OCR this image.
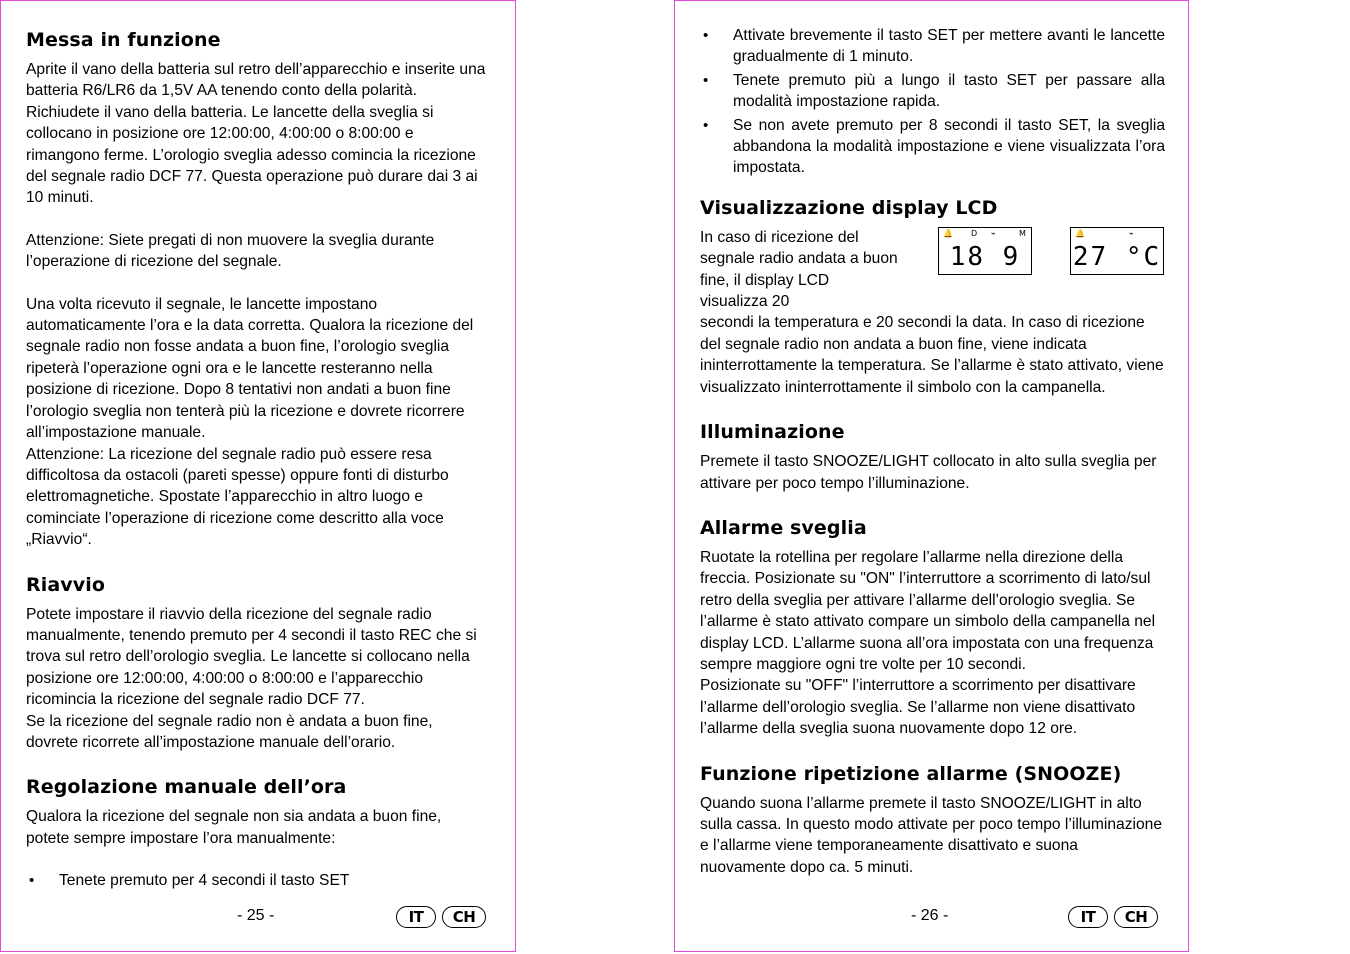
Messa in funzione

Aprite il vano della batteria sul retro dell’apparecchio e inserite una batteria R6/LR6 da 1,5V AA tenendo conto della polarità. Richiudete il vano della batteria. Le lancette della sveglia si collocano in posizione ore 12:00:00, 4:00:00 o 8:00:00 e rimangono ferme. L’orologio sveglia adesso comincia la ricezione del segnale radio DCF 77. Questa operazione può durare dai 3 ai 10 minuti.

Attenzione: Siete pregati di non muovere la sveglia durante l’operazione di ricezione del segnale.

Una volta ricevuto il segnale, le lancette impostano automaticamente l’ora e la data corretta. Qualora la ricezione del segnale radio non fosse andata a buon fine, l’orologio sveglia ripeterà l’operazione ogni ora e le lancette resteranno nella posizione di ricezione. Dopo 8 tentativi non andati a buon fine l’orologio sveglia non tenterà più la ricezione e dovrete ricorrere all’impostazione manuale.

Attenzione: La ricezione del segnale radio può essere resa difficoltosa da ostacoli (pareti spesse) oppure fonti di disturbo elettromagnetiche. Spostate l’apparecchio in altro luogo e cominciate l’operazione di ricezione come descritto alla voce „Riavvio“.

Riavvio

Potete impostare il riavvio della ricezione del segnale radio manualmente, tenendo premuto per 4 secondi il tasto REC che si trova sul retro dell’orologio sveglia. Le lancette si collocano nella posizione ore 12:00:00, 4:00:00 o 8:00:00 e l’apparecchio ricomincia la ricezione del segnale radio DCF 77.

Se la ricezione del segnale radio non è andata a buon fine, dovrete ricorrete all’impostazione manuale dell’orario.

Regolazione manuale dell’ora

Qualora la ricezione del segnale non sia andata a buon fine, potete sempre impostare l’ora manualmente:

• Tenete premuto per 4 secondi il tasto SET
- 25 -	IT	CH
• Attivate brevemente il tasto SET per mettere avanti le lancette gradualmente di 1 minuto.
• Tenete premuto più a lungo il tasto SET per passare alla modalità impostazione rapida.
• Se non avete premuto per 8 secondi il tasto SET, la sveglia abbandona la modalità impostazione e viene visualizzata l’ora impostata.
Visualizzazione display LCD

In caso di ricezione del segnale radio andata a buon fine, il display LCD visualizza 20

🔔 D ⌁	M
18 9
🔔	⌁
27 °C

secondi la temperatura e 20 secondi la data. In caso di ricezione del segnale radio non andata a buon fine, viene indicata ininterrottamente la temperatura. Se l’allarme è stato attivato, viene visualizzato ininterrottamente il simbolo con la campanella.

Illuminazione

Premete il tasto SNOOZE/LIGHT collocato in alto sulla sveglia per attivare per poco tempo l’illuminazione.

Allarme sveglia

Ruotate la rotellina per regolare l’allarme nella direzione della freccia. Posizionate su "ON" l’interruttore a scorrimento di lato/sul retro della sveglia per attivare l’allarme dell’orologio sveglia. Se l’allarme è stato attivato compare un simbolo della campanella nel display LCD. L’allarme suona all’ora impostata con una frequenza sempre maggiore ogni tre volte per 10 secondi.

Posizionate su "OFF" l’interruttore a scorrimento per disattivare l’allarme dell’orologio sveglia. Se l’allarme non viene disattivato l’allarme della sveglia suona nuovamente dopo 12 ore.

Funzione ripetizione allarme (SNOOZE)

Quando suona l’allarme premete il tasto SNOOZE/LIGHT in alto sulla cassa. In questo modo attivate per poco tempo l’illuminazione e l’allarme viene temporaneamente disattivato e suona nuovamente dopo ca. 5 minuti.

- 26 -	IT	CH
